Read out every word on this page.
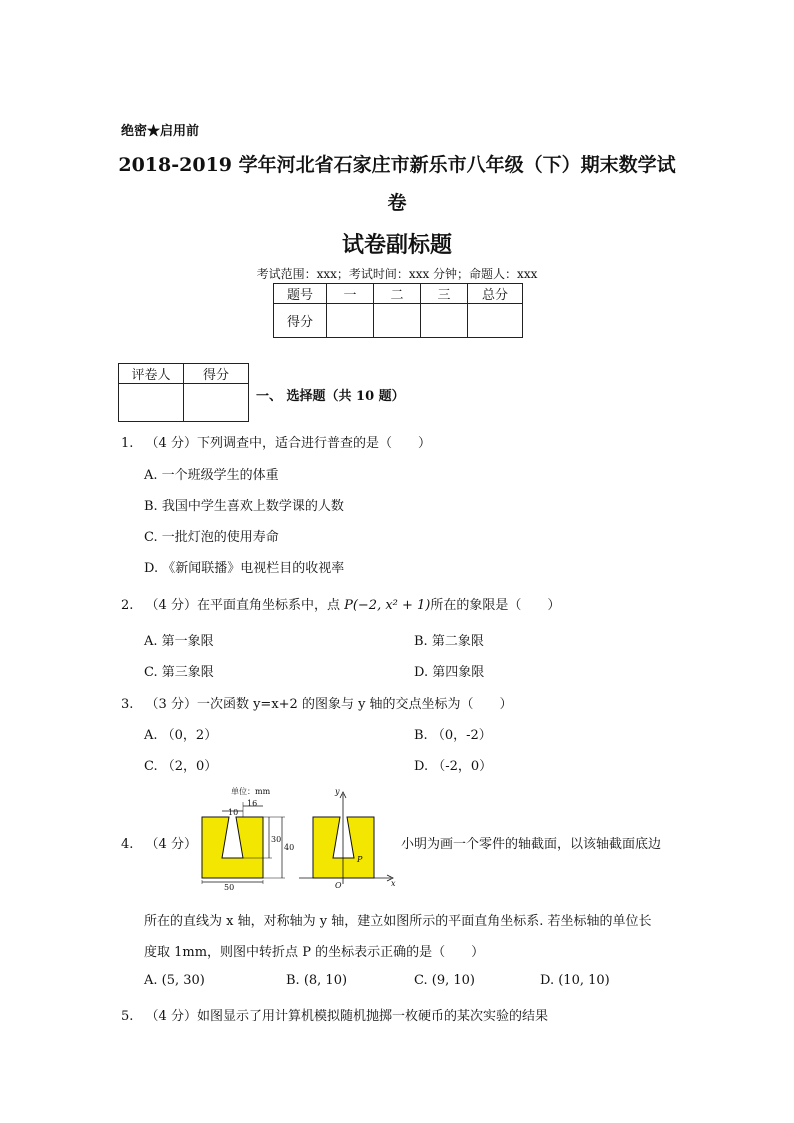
绝密★启用前
2018-2019 学年河北省石家庄市新乐市八年级（下）期末数学试
卷
试卷副标题
考试范围：xxx；考试时间：xxx 分钟；命题人：xxx
题号	一	二	三	总分
得分				
评卷人	得分

一、 选择题（共 10 题）
1. （4 分）下列调查中，适合进行普查的是（　　）
A. 一个班级学生的体重
B. 我国中学生喜欢上数学课的人数
C. 一批灯泡的使用寿命
D. 《新闻联播》电视栏目的收视率
2. （4 分）在平面直角坐标系中，点 P(−2, x² + 1)所在的象限是（　　）
A. 第一象限	B. 第二象限
C. 第三象限	D. 第四象限
3. （3 分）一次函数 y=x+2 的图象与 y 轴的交点坐标为（　　）
A. （0，2）	B. （0，-2）
C. （2，0）	D. （-2，0）
4. （4 分）
单位：mm
10
16
30
40
50
y
x
O
P
小明为画一个零件的轴截面，以该轴截面底边
所在的直线为 x 轴，对称轴为 y 轴，建立如图所示的平面直角坐标系. 若坐标轴的单位长
度取 1mm，则图中转折点 P 的坐标表示正确的是（　　）
A. (5, 30)	B. (8, 10)	C. (9, 10)	D. (10, 10)
5. （4 分）如图显示了用计算机模拟随机抛掷一枚硬币的某次实验的结果
